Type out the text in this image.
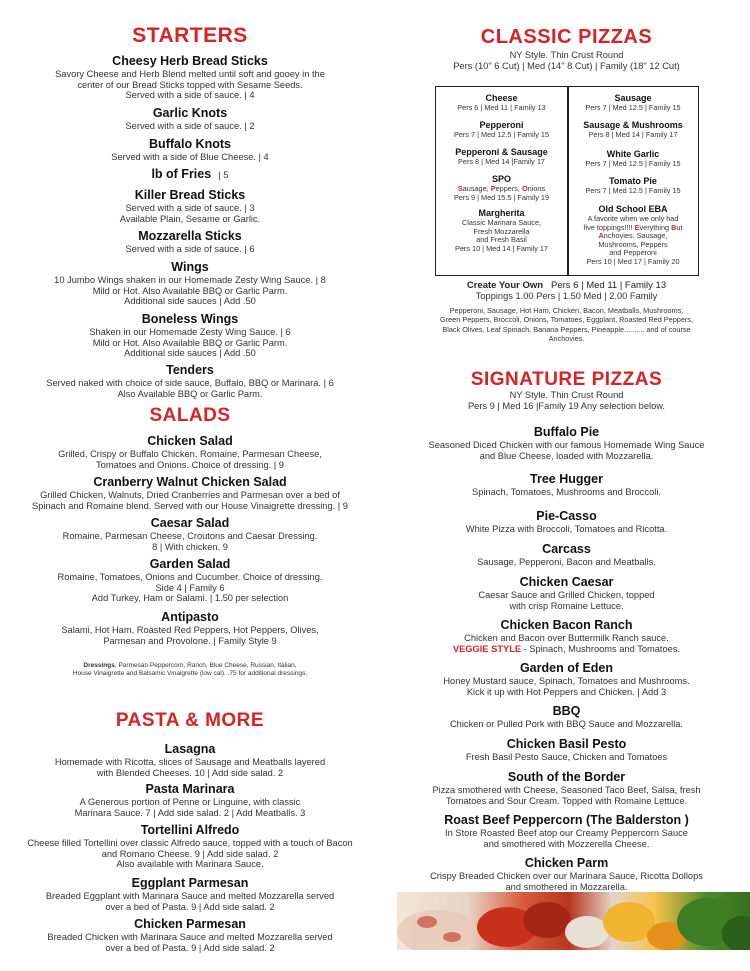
STARTERS
Cheesy Herb Bread Sticks
Savory Cheese and Herb Blend melted until soft and gooey in the
center of our Bread Sticks topped with Sesame Seeds.
Served with a side of sauce. | 4
Garlic Knots
Served with a side of sauce. | 2
Buffalo Knots
Served with a side of Blue Cheese. | 4
lb of Fries | 5
Killer Bread Sticks
Served with a side of sauce. | 3
Available Plain, Sesame or Garlic.
Mozzarella Sticks
Served with a side of sauce. | 6
Wings
10 Jumbo Wings shaken in our Homemade Zesty Wing Sauce. | 8
Mild or Hot. Also Available BBQ or Garlic Parm.
Additional side sauces | Add .50
Boneless Wings
Shaken in our Homemade Zesty Wing Sauce. | 6
Mild or Hot. Also Available BBQ or Garlic Parm.
Additional side sauces | Add .50
Tenders
Served naked with choice of side sauce, Buffalo, BBQ or Marinara. | 6
Also Available BBQ or Garlic Parm.
SALADS
Chicken Salad
Grilled, Crispy or Buffalo Chicken, Romaine, Parmesan Cheese,
Tomatoes and Onions. Choice of dressing. | 9
Cranberry Walnut Chicken Salad
Grilled Chicken, Walnuts, Dried Cranberries and Parmesan over a bed of
Spinach and Romaine blend. Served with our House Vinaigrette dressing. | 9
Caesar Salad
Romaine, Parmesan Cheese, Croutons and Caesar Dressing.
8 | With chicken. 9
Garden Salad
Romaine, Tomatoes, Onions and Cucumber. Choice of dressing.
Side 4 | Family 6
Add Turkey, Ham or Salami. | 1.50 per selection
Antipasto
Salami, Hot Ham, Roasted Red Peppers, Hot Peppers, Olives,
Parmesan and Provolone. | Family Style 9
Dressings, Parmesan Peppercorn, Ranch, Blue Cheese, Russian, Italian,
House Vinaigrette and Balsamic Vinaigrette (low cal). .75 for additional dressings.
PASTA & MORE
Lasagna
Homemade with Ricotta, slices of Sausage and Meatballs layered
with Blended Cheeses. 10 | Add side salad. 2
Pasta Marinara
A Generous portion of Penne or Linguine, with classic
Marinara Sauce. 7 | Add side salad. 2 | Add Meatballs. 3
Tortellini Alfredo
Cheese filled Tortellini over classic Alfredo sauce, topped with a touch of Bacon
and Romano Cheese. 9 | Add side salad. 2
Also available with Marinara Sauce.
Eggplant Parmesan
Breaded Eggplant with Marinara Sauce and melted Mozzarella served
over a bed of Pasta. 9 | Add side salad. 2
Chicken Parmesan
Breaded Chicken with Marinara Sauce and melted Mozzarella served
over a bed of Pasta. 9 | Add side salad. 2
CLASSIC PIZZAS
NY Style. Thin Crust Round
Pers (10" 6 Cut) | Med (14" 8 Cut) | Family (18" 12 Cut)
Cheese
Pers 6 | Med 11 | Family 13
Pepperoni
Pers 7 | Med 12.5 | Family 15
Pepperoni & Sausage
Pers 8 | Med 14 |Family 17
SPO
Sausage, Peppers, Onions
Pers 9 | Med 15.5 | Family 19
Margherita
Classic Marinara Sauce,
Fresh Mozzarella
and Fresh Basil
Pers 10 | Med 14 | Family 17
Sausage
Pers 7 | Med 12.5 | Family 15
Sausage & Mushrooms
Pers 8 | Med 14 | Family 17
White Garlic
Pers 7 | Med 12.5 | Family 15
Tomato Pie
Pers 7 | Med 12.5 | Family 15
Old School EBA
A favorite when we only had
five toppings!!!! Everything But
Anchovies. Sausage,
Mushrooms, Peppers
and Pepperoni
Pers 10 | Med 17 | Family 20
Create Your Own Pers 6 | Med 11 | Family 13
Toppings 1.00 Pers | 1.50 Med | 2.00 Family
Pepperoni, Sausage, Hot Ham, Chicken, Bacon, Meatballs, Mushrooms,
Green Peppers, Broccoli, Onions, Tomatoes, Eggplant, Roasted Red Peppers,
Black Olives, Leaf Spinach, Banana Peppers, Pineapple.......... and of course
Anchovies.
SIGNATURE PIZZAS
NY Style. Thin Crust Round
Pers 9 | Med 16 |Family 19 Any selection below.
Buffalo Pie
Seasoned Diced Chicken with our famous Homemade Wing Sauce
and Blue Cheese, loaded with Mozzarella.
Tree Hugger
Spinach, Tomatoes, Mushrooms and Broccoli.
Pie-Casso
White Pizza with Broccoli, Tomatoes and Ricotta.
Carcass
Sausage, Pepperoni, Bacon and Meatballs.
Chicken Caesar
Caesar Sauce and Grilled Chicken, topped
with crisp Romaine Lettuce.
Chicken Bacon Ranch
Chicken and Bacon over Buttermilk Ranch sauce.
VEGGIE STYLE - Spinach, Mushrooms and Tomatoes.
Garden of Eden
Honey Mustard sauce, Spinach, Tomatoes and Mushrooms.
Kick it up with Hot Peppers and Chicken. | Add 3
BBQ
Chicken or Pulled Pork with BBQ Sauce and Mozzarella.
Chicken Basil Pesto
Fresh Basil Pesto Sauce, Chicken and Tomatoes
South of the Border
Pizza smothered with Cheese, Seasoned Taco Beef, Salsa, fresh
Tomatoes and Sour Cream. Topped with Romaine Lettuce.
Roast Beef Peppercorn (The Balderston )
In Store Roasted Beef atop our Creamy Peppercorn Sauce
and smothered with Mozzerella Cheese.
Chicken Parm
Crispy Breaded Chicken over our Marinara Sauce, Ricotta Dollops
and smothered in Mozzarella.
